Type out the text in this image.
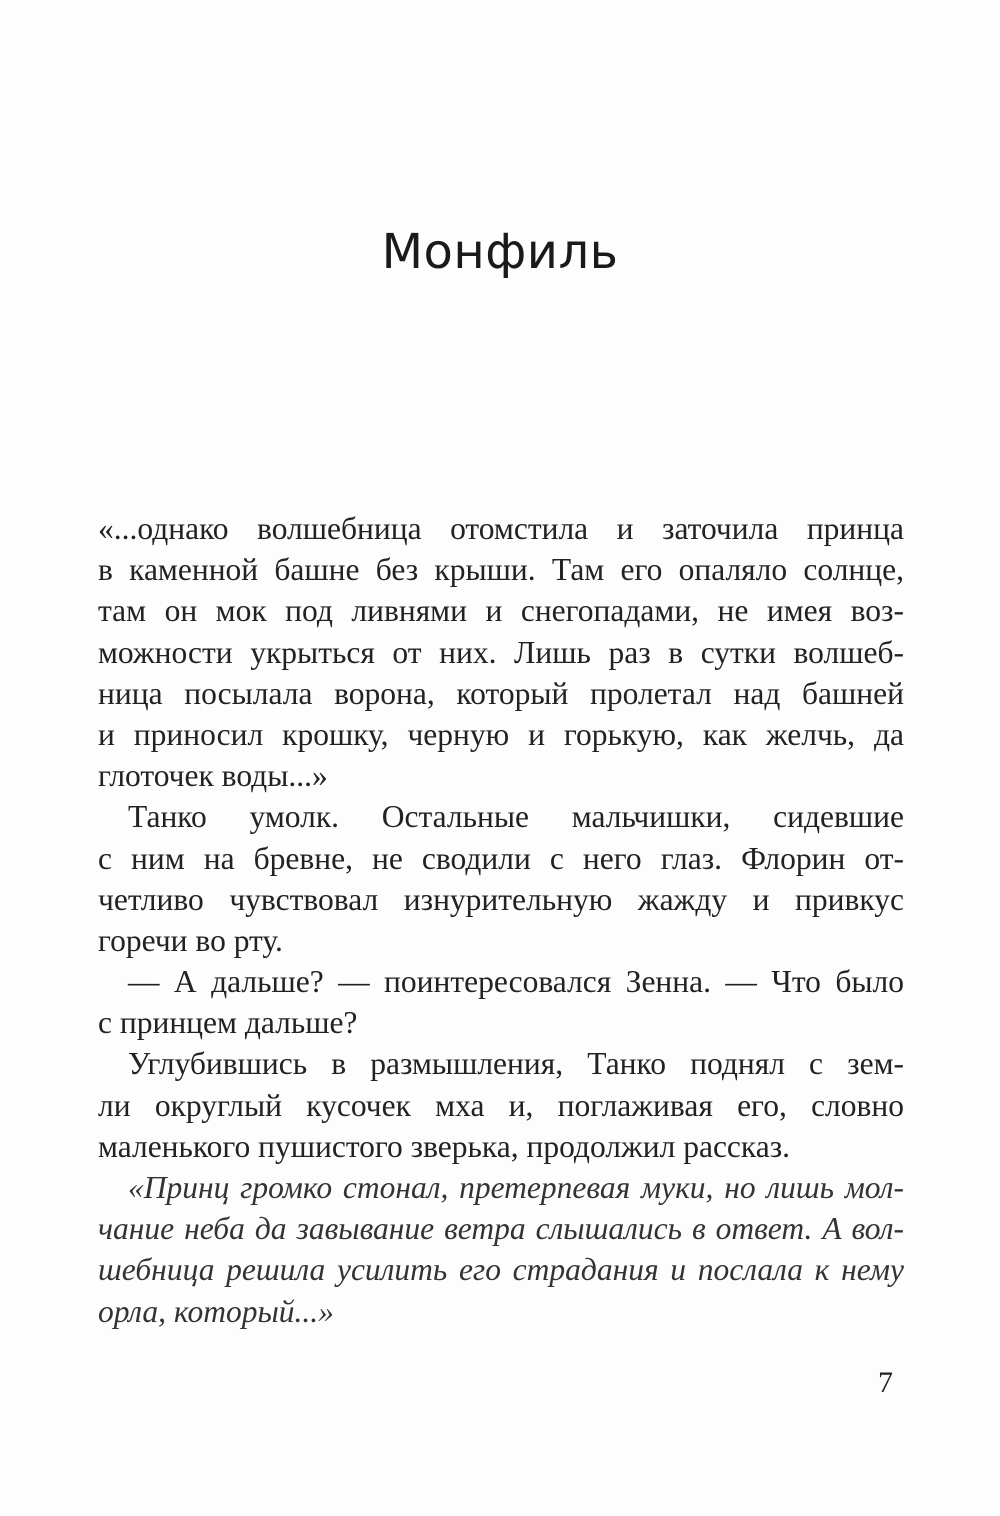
Монфиль
«...однако волшебница отомстила и заточила принца
в каменной башне без крыши. Там его опаляло солнце,
там он мок под ливнями и снегопадами, не имея воз-
можности укрыться от них. Лишь раз в сутки волшеб-
ница посылала ворона, который пролетал над башней
и приносил крошку, черную и горькую, как желчь, да
глоточек воды...»
Танко умолк. Остальные мальчишки, сидевшие
с ним на бревне, не сводили с него глаз. Флорин от-
четливо чувствовал изнурительную жажду и привкус
горечи во рту.
— А дальше? — поинтересовался Зенна. — Что было
с принцем дальше?
Углубившись в размышления, Танко поднял с зем-
ли округлый кусочек мха и, поглаживая его, словно
маленького пушистого зверька, продолжил рассказ.
«Принц громко стонал, претерпевая муки, но лишь мол-
чание неба да завывание ветра слышались в ответ. А вол-
шебница решила усилить его страдания и послала к нему
орла, который...»
7
